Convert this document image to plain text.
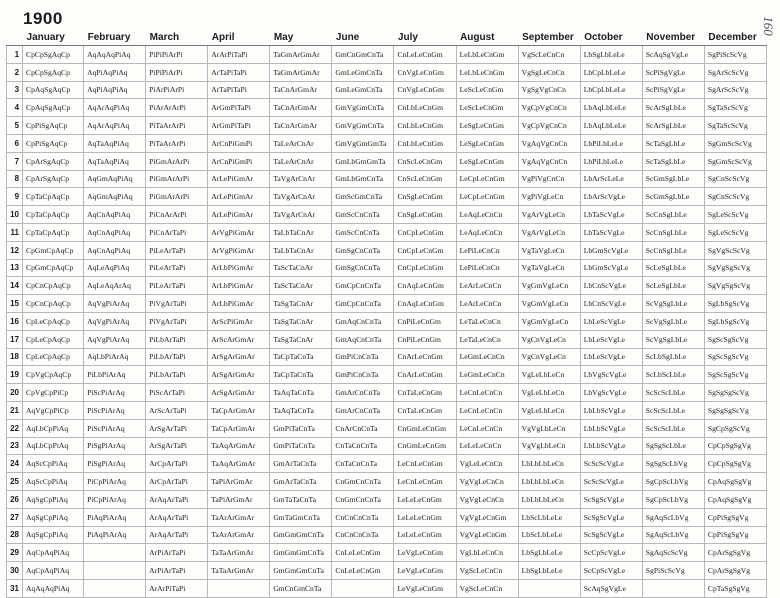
1900	160
	January	February	March	April	May	June	July	August	September	October	November	December
1	CpCpSgAqCp	AqAqAqPiAq	PiPiPiArPi	ArArPiTaPi	TaGmArGmAr	GmCnGmCnTa	CnLeLeCnGm	LeLbLeCnGm	VgScLeCnCn	LbSgLbLeLe	ScAqSgVgLe	SgPiScScVg
2	CpCpSgAqCp	AqPiAqPiAq	PiPiPiArPi	ArTaPiTaPi	TaGmArGmAr	GmLeGmCnTa	CnVgLeCnGm	LeLbLeCnGm	VgSgLeCnCn	LbCpLbLeLe	ScPiSgVgLe	SgArScScVg
3	CpAqSgAqCp	AqPiAqPiAq	PiArPiArPi	ArTaPiTaPi	TaCnArGmAr	GmLeGmCnTa	CnVgLeCnGm	LeScLeCnGm	VgSgVgCnCn	LbCpLbLeLe	ScPiSgVgLe	SgArScScVg
4	CpAqSgAqCp	AqArAqPiAq	PiArArArPi	ArGmPiTaPi	TaCnArGmAr	GmVgGmCnTa	CnLbLeCnGm	LeScLeCnGm	VgCpVgCnCn	LbAqLbLeLe	ScArSgLbLe	SgTaScScVg
5	CpPiSgAqCp	AqArAqPiAq	PiTaArArPi	ArGmPiTaPi	TaCnArGmAr	GmVgGmCnTa	CnLbLeCnGm	LeSgLeCnGm	VgCpVgCnCn	LbAqLbLeLe	ScArSgLbLe	SgTaScScVg
6	CpPiSgAqCp	AqTaAqPiAq	PiTaArArPi	ArCnPiGmPi	TaLeArCnAr	GmVgGmGmTa	CnLbLeCnGm	LeSgLeCnGm	VgAqVgCnCn	LbPiLbLeLe	ScTaSgLbLe	SgGmScScVg
7	CpArSgAqCp	AqTaAqPiAq	PiGmArArPi	ArCnPiGmPi	TaLeArCnAr	GmLbGmGmTa	CnScLeCnGm	LeSgLeCnGm	VgAqVgCnCn	LbPiLbLeLe	ScTaSgLbLe	SgGmScScVg
8	CpArSgAqCp	AqGmAqPiAq	PiGmArArPi	ArLePiGmAr	TaVgArCnAr	GmLbGmCnTa	CnScLeCnGm	LeCpLeCnGm	VgPiVgCnCn	LbArScLeLe	ScGmSgLbLe	SgCnScScVg
9	CpTaCpAqCp	AqGmAqPiAq	PiGmArArPi	ArLePiGmAr	TaVgArCnAr	GmScGmCnTa	CnSgLeCnGm	LeCpLeCnGm	VgPiVgLeCn	LbArScVgLe	ScGmSgLbLe	SgCnScScVg
10	CpTaCpAqCp	AqCnAqPiAq	PiCnArArPi	ArLePiGmAr	TaVgArCnAr	GmScCnCnTa	CnSgLeCnGm	LeAqLeCnCn	VgArVgLeCn	LbTaScVgLe	ScCnSgLbLe	SgLeScScVg
11	CpTaCpAqCp	AqCnAqPiAq	PiCnArTaPi	ArVgPiGmAr	TaLbTaCnAr	GmScCnCnTa	CnCpLeCnGm	LeAqLeCnCn	VgArVgLeCn	LbTaScVgLe	ScCnSgLbLe	SgLeScScVg
12	CpGmCpAqCp	AqCnAqPiAq	PiLeArTaPi	ArVgPiGmAr	TaLbTaCnAr	GmSgCnCnTa	CnCpLeCnGm	LePiLeCnCn	VgTaVgLeCn	LbGmScVgLe	ScCnSgLbLe	SgVgScScVg
13	CpGmCpAqCp	AqLeAqPiAq	PiLeArTaPi	ArLbPiGmAr	TaScTaCnAr	GmSgCnCnTa	CnCpLeCnGm	LePiLeCnCn	VgTaVgLeCn	LbGmScVgLe	ScLeSgLbLe	SgVgSgScVg
14	CpCnCpAqCp	AqLeAqArAq	PiLeArTaPi	ArLbPiGmAr	TaScTaCnAr	GmCpCnCnTa	CnAqLeCnGm	LeArLeCnCn	VgGmVgLeCn	LbCnScVgLe	ScLeSgLbLe	SgVgSgScVg
15	CpCnCpAqCp	AqVgPiArAq	PiVgArTaPi	ArLbPiGmAr	TaSgTaCnAr	GmCpCnCnTa	CnAqLeCnGm	LeArLeCnCn	VgGmVgLeCn	LbCnScVgLe	ScVgSgLbLe	SgLbSgScVg
16	CpLeCpAqCp	AqVgPiArAq	PiVgArTaPi	ArScPiGmAr	TaSgTaCnAr	GmAqCnCnTa	CnPiLeCnGm	LeTaLeCnCn	VgGmVgLeCn	LbLeScVgLe	ScVgSgLbLe	SgLbSgScVg
17	CpLeCpAqCp	AqVgPiArAq	PiLbArTaPi	ArScArGmAr	TaSgTaCnAr	GmAqCnCnTa	CnPiLeCnGm	LeTaLeCnCn	VgCnVgLeCn	LbLeScVgLe	ScVgSgLbLe	SgScSgScVg
18	CpLeCpAqCp	AqLbPiArAq	PiLbArTaPi	ArSgArGmAr	TaCpTaCnTa	GmPiCnCnTa	CnArLeCnGm	LeGmLeCnCn	VgCnVgLeCn	LbLeScVgLe	ScLbSgLbLe	SgScSgScVg
19	CpVgCpAqCp	PiLbPiArAq	PiLbArTaPi	ArSgArGmAr	TaCpTaCnTa	GmPiCnCnTa	CnArLeCnGm	LeGmLeCnCn	VgLeLbLeCn	LbVgScVgLe	ScLbScLbLe	SgScSgScVg
20	CpVgCpPiCp	PiScPiArAq	PiScArTaPi	ArSgArGmAr	TaAqTaCnTa	GmArCnCnTa	CnTaLeCnGm	LeCnLeCnCn	VgLeLbLeCn	LbVgScVgLe	ScScScLbLe	SgSgSgScVg
21	AqVgCpPiCp	PiScPiArAq	ArScArTaPi	TaCpArGmAr	TaAqTaCnTa	GmArCnCnTa	CnTaLeCnGm	LeCnLeCnCn	VgLeLbLeCn	LbLbScVgLe	ScScScLbLe	SgSgSgScVg
22	AqLbCpPiAq	PiScPiArAq	ArSgArTaPi	TaCpArGmAr	GmPiTaCnTa	CnArCnCnTa	CnGmLeCnGm	LeCnLeCnCn	VgVgLbLeCn	LbLbScVgLe	ScScScLbLe	SgCpSgScVg
23	AqLbCpPiAq	PiSgPiArAq	ArSgArTaPi	TaAqArGmAr	GmPiTaCnTa	CnTaCnCnTa	CnGmLeCnGm	LeLeLeCnCn	VgVgLbLeCn	LbLbScVgLe	SgSgScLbLe	CpCpSgSgVg
24	AqScCpPiAq	PiSgPiArAq	ArCpArTaPi	TaAqArGmAr	GmArTaCnTa	CnTaCnCnTa	LeCnLeCnGm	VgLeLeCnCn	LbLbLbLeCn	ScScScVgLe	SgSgScLbVg	CpCpSgSgVg
25	AqScCpPiAq	PiCpPiArAq	ArCpArTaPi	TaPiArGmAr	GmArTaCnTa	CnGmCnCnTa	LeCnLeCnGm	VgVgLeCnCn	LbLbLbLeCn	ScScScVgLe	SgCpScLbVg	CpAqSgSgVg
26	AqSgCpPiAq	PiCpPiArAq	ArAqArTaPi	TaPiArGmAr	GmTaTaCnTa	CnGmCnCnTa	LeLeLeCnGm	VgVgLeCnCn	LbLbLbLeCn	ScSgScVgLe	SgCpScLbVg	CpAqSgSgVg
27	AqSgCpPiAq	PiAqPiArAq	ArAqArTaPi	TaArArGmAr	GmTaGmCnTa	CnCnCnCnTa	LeLeLeCnGm	VgVgLeCnGm	LbScLbLeLe	ScSgScVgLe	SgAqScLbVg	CpPiSgSgVg
28	AqSgCpPiAq	PiAqPiArAq	ArAqArTaPi	TaArArGmAr	GmGmGmCnTa	CnCnCnCnTa	LeLeLeCnGm	VgVgLeCnGm	LbScLbLeLe	ScSgScVgLe	SgAqScLbVg	CpPiSgSgVg
29	AqCpAqPiAq		ArPiArTaPi	TaTaArGmAr	GmGmGmCnTa	CnLeLeCnGm	LeVgLeCnGm	VgLbLeCnCn	LbSgLbLeLe	ScCpScVgLe	SgAqScScVg	CpArSgSgVg
30	AqCpAqPiAq		ArPiArTaPi	TaTaArGmAr	GmGmGmCnTa	CnLeLeCnGm	LeVgLeCnGm	VgScLeCnCn	LbSgLbLeLe	ScCpScVgLe	SgPiScScVg	CpArSgSgVg
31	AqAqAqPiAq		ArArPiTaPi		GmCnGmCnTa		LeVgLeCnGm	VgScLeCnCn		ScAqSgVgLe		CpTaSgSgVg
